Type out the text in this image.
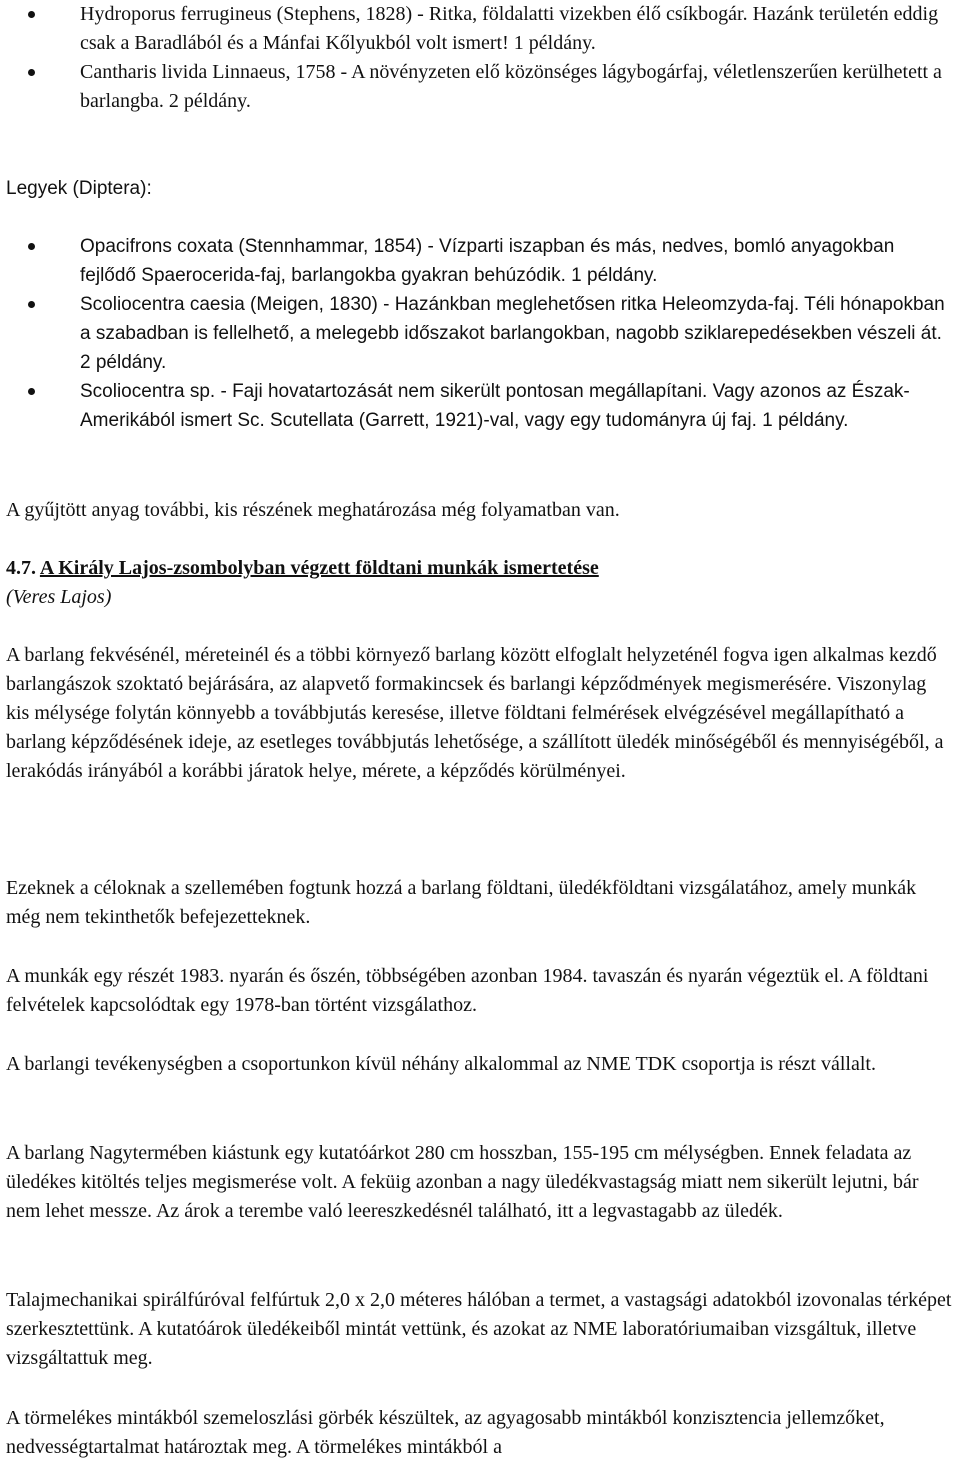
Hydroporus ferrugineus (Stephens, 1828) - Ritka, földalatti vizekben élő csíkbogár. Hazánk területén eddig csak a Baradlából és a Mánfai Kőlyukból volt ismert! 1 példány.
Cantharis livida Linnaeus, 1758 - A növényzeten elő közönséges lágybogárfaj, véletlenszerűen kerülhetett a barlangba. 2 példány.

Legyek (Diptera):

Opacifrons coxata (Stennhammar, 1854) - Vízparti iszapban és más, nedves, bomló anyagokban fejlődő Spaerocerida-faj, barlangokba gyakran behúzódik. 1 példány.
Scoliocentra caesia (Meigen, 1830) - Hazánkban meglehetősen ritka Heleomzyda-faj. Téli hónapokban a szabadban is fellelhető, a melegebb időszakot barlangokban, nagobb sziklarepedésekben vészeli át. 2 példány.
Scoliocentra sp. - Faji hovatartozását nem sikerült pontosan megállapítani. Vagy azonos az Észak-Amerikából ismert Sc. Scutellata (Garrett, 1921)-val, vagy egy tudományra új faj. 1 példány.

A gyűjtött anyag további, kis részének meghatározása még folyamatban van.

4.7. A Király Lajos-zsombolyban végzett földtani munkák ismertetése

(Veres Lajos)

A barlang fekvésénél, méreteinél és a többi környező barlang között elfoglalt helyzeténél fogva igen alkalmas kezdő barlangászok szoktató bejárására, az alapvető formakincsek és barlangi képződmények megismerésére. Viszonylag kis mélysége folytán könnyebb a továbbjutás keresése, illetve földtani felmérések elvégzésével megállapítható a barlang képződésének ideje, az esetleges továbbjutás lehetősége, a szállított üledék minőségéből és mennyiségéből, a lerakódás irányából a korábbi járatok helye, mérete, a képződés körülményei.

Ezeknek a céloknak a szellemében fogtunk hozzá a barlang földtani, üledékföldtani vizsgálatához, amely munkák még nem tekinthetők befejezetteknek.

A munkák egy részét 1983. nyarán és őszén, többségében azonban 1984. tavaszán és nyarán végeztük el. A földtani felvételek kapcsolódtak egy 1978-ban történt vizsgálathoz.

A barlangi tevékenységben a csoportunkon kívül néhány alkalommal az NME TDK csoportja is részt vállalt.

A barlang Nagytermében kiástunk egy kutatóárkot 280 cm hosszban, 155-195 cm mélységben. Ennek feladata az üledékes kitöltés teljes megismerése volt. A feküig azonban a nagy üledékvastagság miatt nem sikerült lejutni, bár nem lehet messze. Az árok a terembe való leereszkedésnél található, itt a legvastagabb az üledék.

Talajmechanikai spirálfúróval felfúrtuk 2,0 x 2,0 méteres hálóban a termet, a vastagsági adatokból izovonalas térképet szerkesztettünk. A kutatóárok üledékeiből mintát vettünk, és azokat az NME laboratóriumaiban vizsgáltuk, illetve vizsgáltattuk meg.

A törmelékes mintákból szemeloszlási görbék készültek, az agyagosabb mintákból konzisztencia jellemzőket, nedvességtartalmat határoztak meg. A törmelékes mintákból a
